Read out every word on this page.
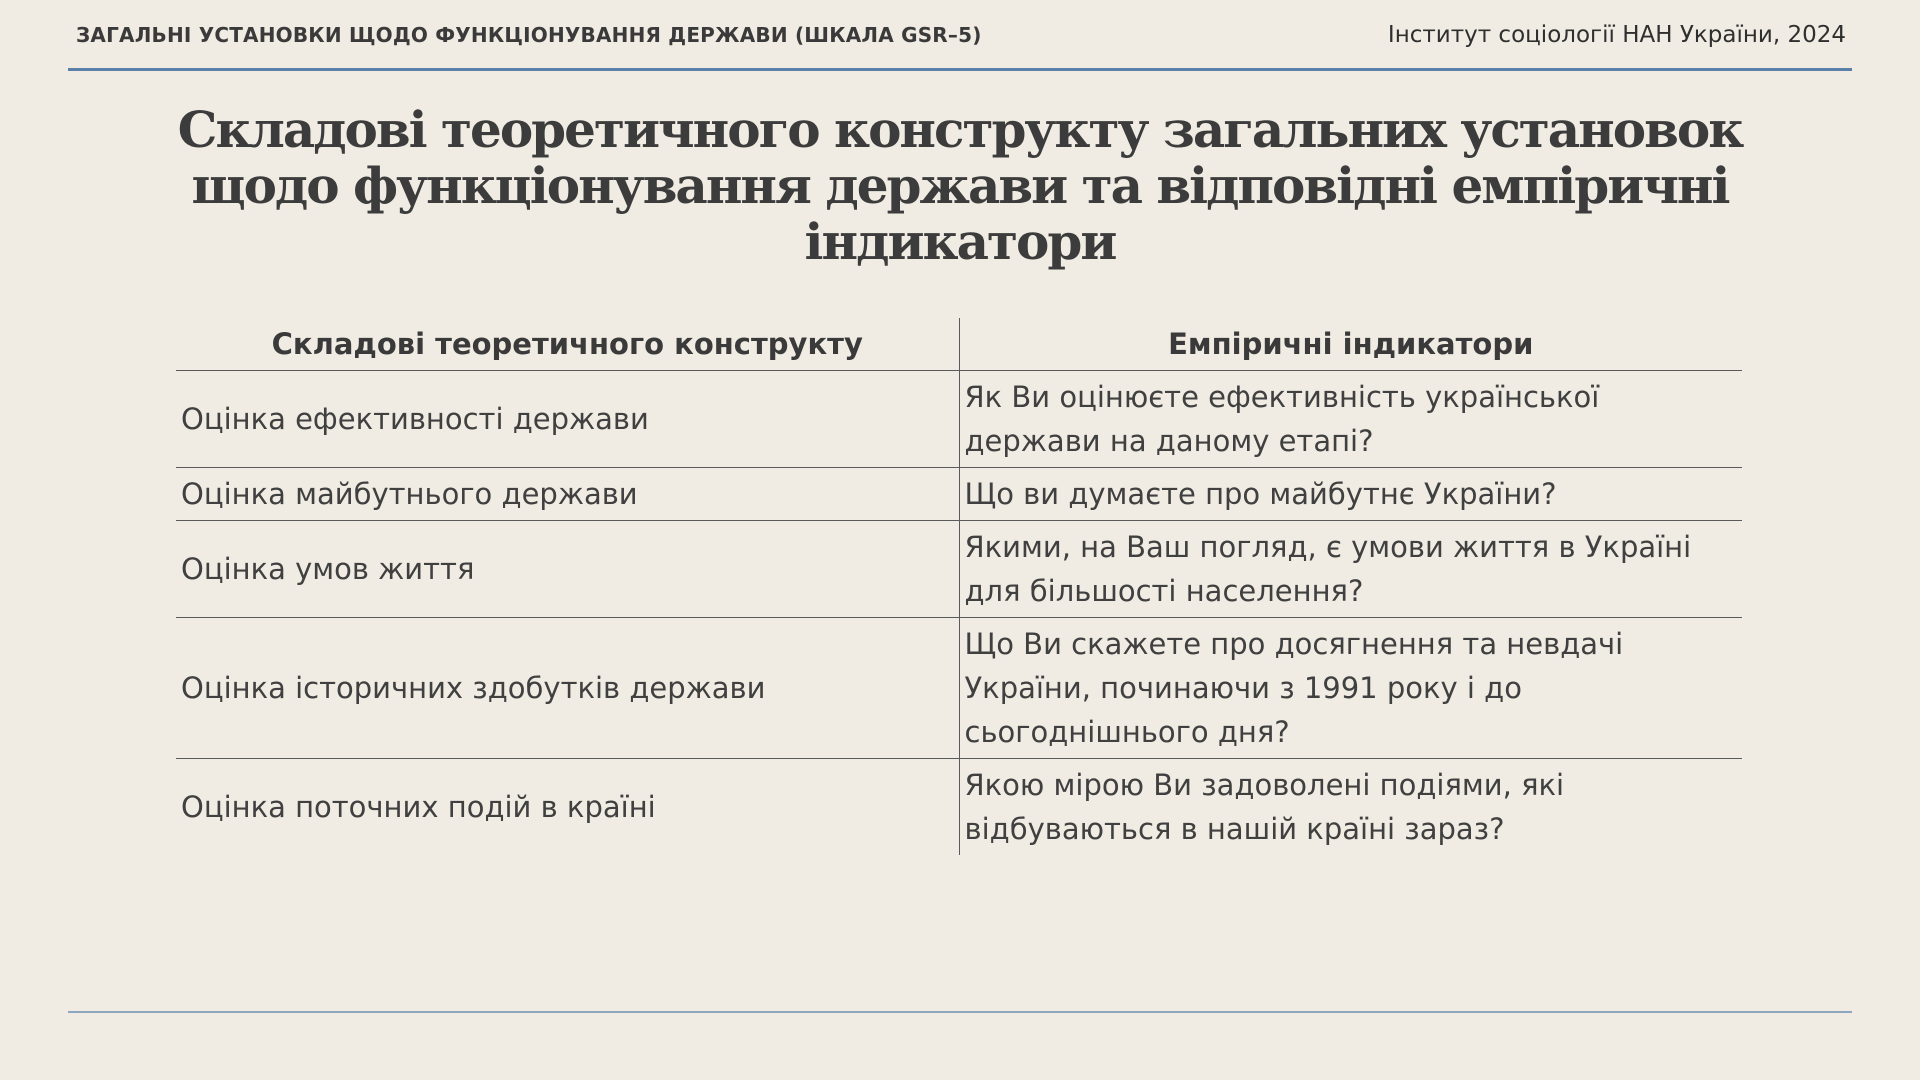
ЗАГАЛЬНІ УСТАНОВКИ ЩОДО ФУНКЦІОНУВАННЯ ДЕРЖАВИ (ШКАЛА GSR–5)	Інститут соціології НАН України, 2024
Складові теоретичного конструкту загальних установок щодо функціонування держави та відповідні емпіричні індикатори
Складові теоретичного конструкту	Емпіричні індикатори
Оцінка ефективності держави	Як Ви оцінюєте ефективність української держави на даному етапі?
Оцінка майбутнього держави	Що ви думаєте про майбутнє України?
Оцінка умов життя	Якими, на Ваш погляд, є умови життя в Україні для більшості населення?
Оцінка історичних здобутків держави	Що Ви скажете про досягнення та невдачі України, починаючи з 1991 року і до сьогоднішнього дня?
Оцінка поточних подій в країні	Якою мірою Ви задоволені подіями, які відбуваються в нашій країні зараз?
